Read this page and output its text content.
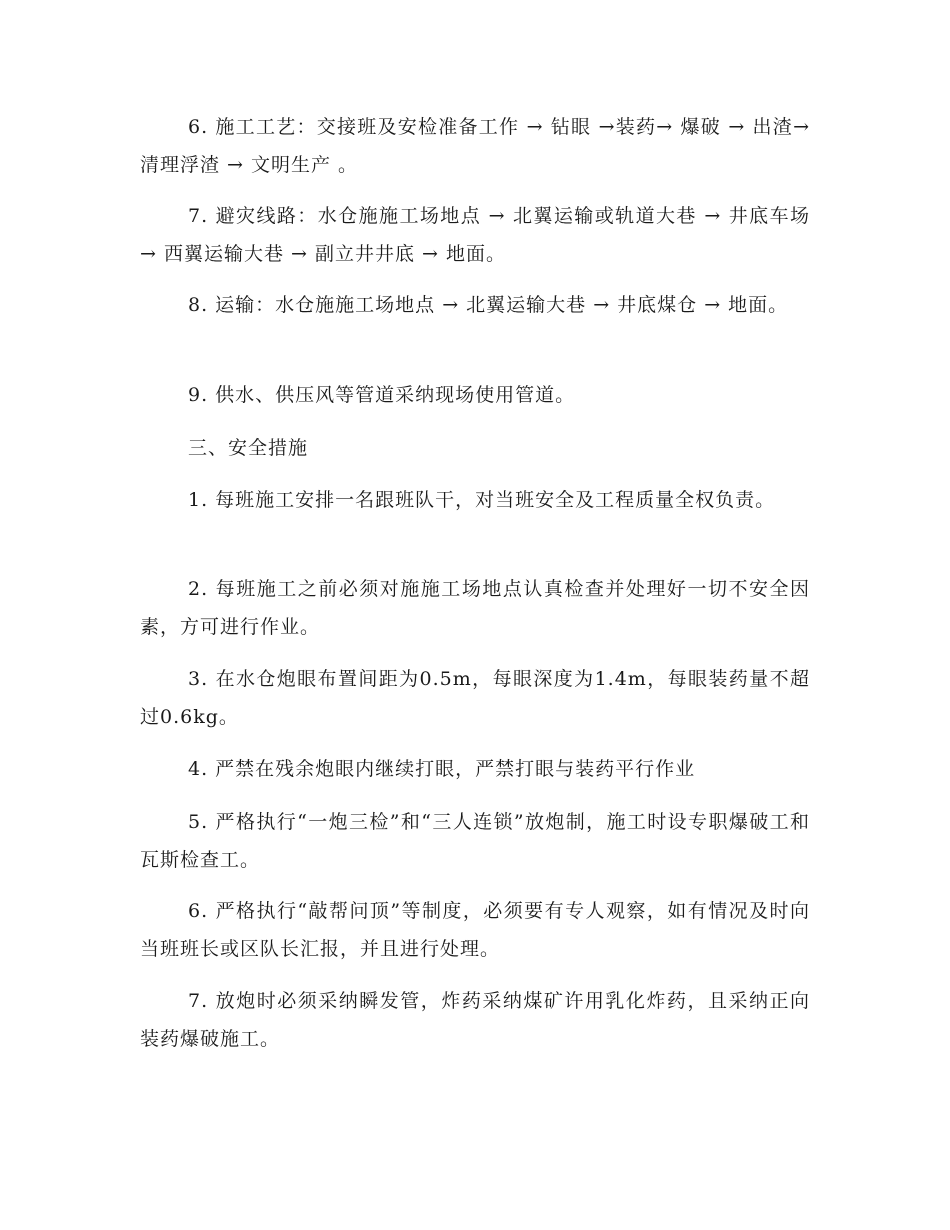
6. 施工工艺：交接班及安检准备工作 → 钻眼 →装药→ 爆破 → 出渣→ 清理浮渣 → 文明生产 。

7. 避灾线路：水仓施施工场地点 → 北翼运输或轨道大巷 → 井底车场 → 西翼运输大巷 → 副立井井底 → 地面。

8. 运输：水仓施施工场地点 → 北翼运输大巷 → 井底煤仓 → 地面。

9. 供水、供压风等管道采纳现场使用管道。

三、安全措施

1. 每班施工安排一名跟班队干，对当班安全及工程质量全权负责。

2. 每班施工之前必须对施施工场地点认真检查并处理好一切不安全因素，方可进行作业。

3. 在水仓炮眼布置间距为0.5m，每眼深度为1.4m，每眼装药量不超过0.6kg。

4. 严禁在残余炮眼内继续打眼，严禁打眼与装药平行作业

5. 严格执行“一炮三检”和“三人连锁”放炮制，施工时设专职爆破工和瓦斯检查工。

6. 严格执行“敲帮问顶”等制度，必须要有专人观察，如有情况及时向当班班长或区队长汇报，并且进行处理。

7. 放炮时必须采纳瞬发管，炸药采纳煤矿许用乳化炸药，且采纳正向装药爆破施工。
